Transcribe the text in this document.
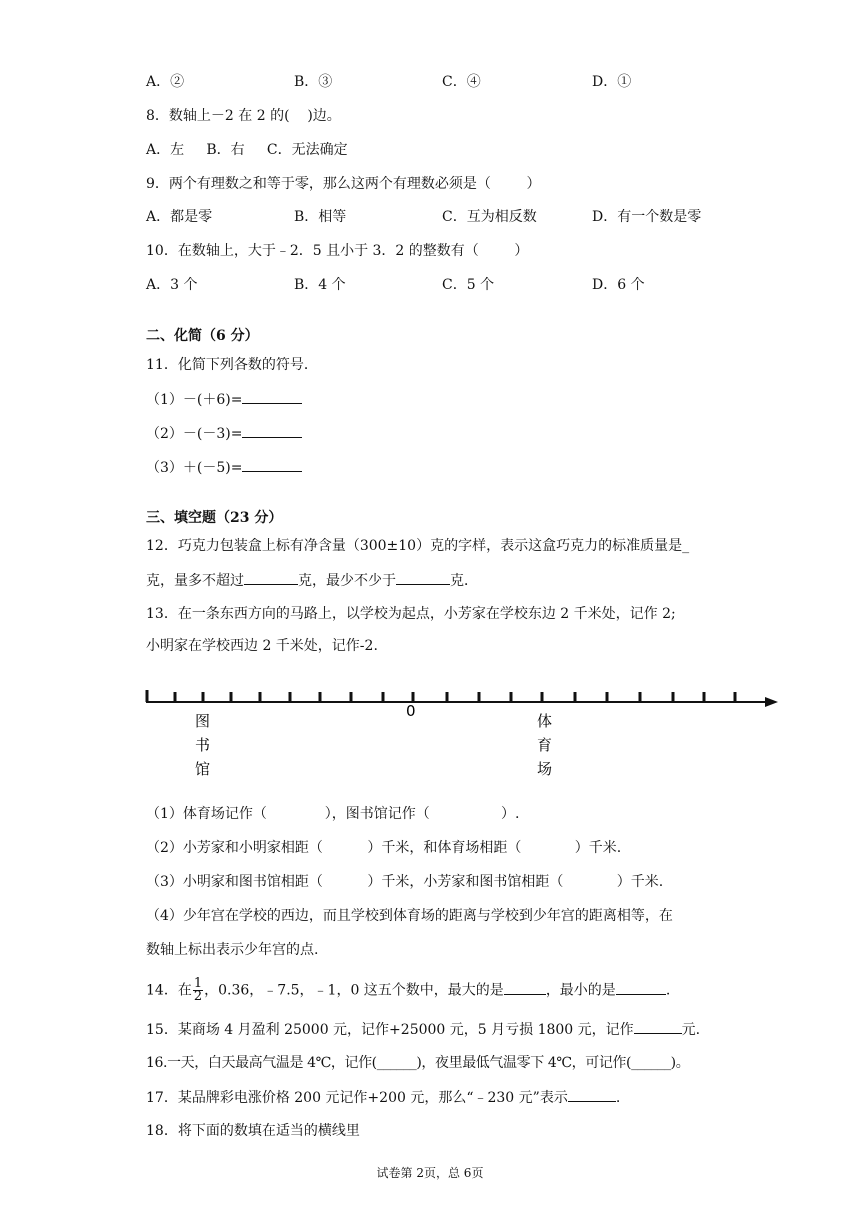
A．②

	B．③

	C．④

	D．①

8．数轴上－2 在 2 的(    )边。
A．左     B．右     C．无法确定
9．两个有理数之和等于零，那么这两个有理数必须是（        ）

A．都是零

	B．相等

	C．互为相反数

	D．有一个数是零

10．在数轴上，大于﹣2．5 且小于 3．2 的整数有（        ）

A．3 个

	B．4 个

	C．5 个

	D．6 个

二、化简（6 分）
11．化简下列各数的符号．
（1）－(＋6)=
（2）－(－3)=
（3）＋(－5)=
三、填空题（23 分）
12．巧克力包装盒上标有净含量（300±10）克的字样，表示这盒巧克力的标准质量是_
克，量多不超过	克，最少不少于	克．
13．在一条东西方向的马路上，以学校为起点，小芳家在学校东边 2 千米处，记作 2;
小明家在学校西边 2 千米处，记作-2.
0
图
书
馆
体
育
场
（1）体育场记作（             ），图书馆记作（                ）.
（2）小芳家和小明家相距（          ）千米，和体育场相距（            ）千米.
（3）小明家和图书馆相距（          ）千米，小芳家和图书馆相距（            ）千米.
（4）少年宫在学校的西边，而且学校到体育场的距离与学校到少年宫的距离相等，在
数轴上标出表示少年宫的点.
14．在 $\frac{1}{2}$ ，0.36，﹣7.5，﹣1，0 这五个数中，最大的是	，最小的是	.
15．某商场 4 月盈利 25000 元，记作+25000 元，5 月亏损 1800 元，记作	元.
16.一天，白天最高气温是 4℃，记作(______)，夜里最低气温零下 4℃，可记作(______)。
17．某品牌彩电涨价格 200 元记作+200 元，那么“﹣230 元”表示	.
18．将下面的数填在适当的横线里
试卷第 2页，总 6页
